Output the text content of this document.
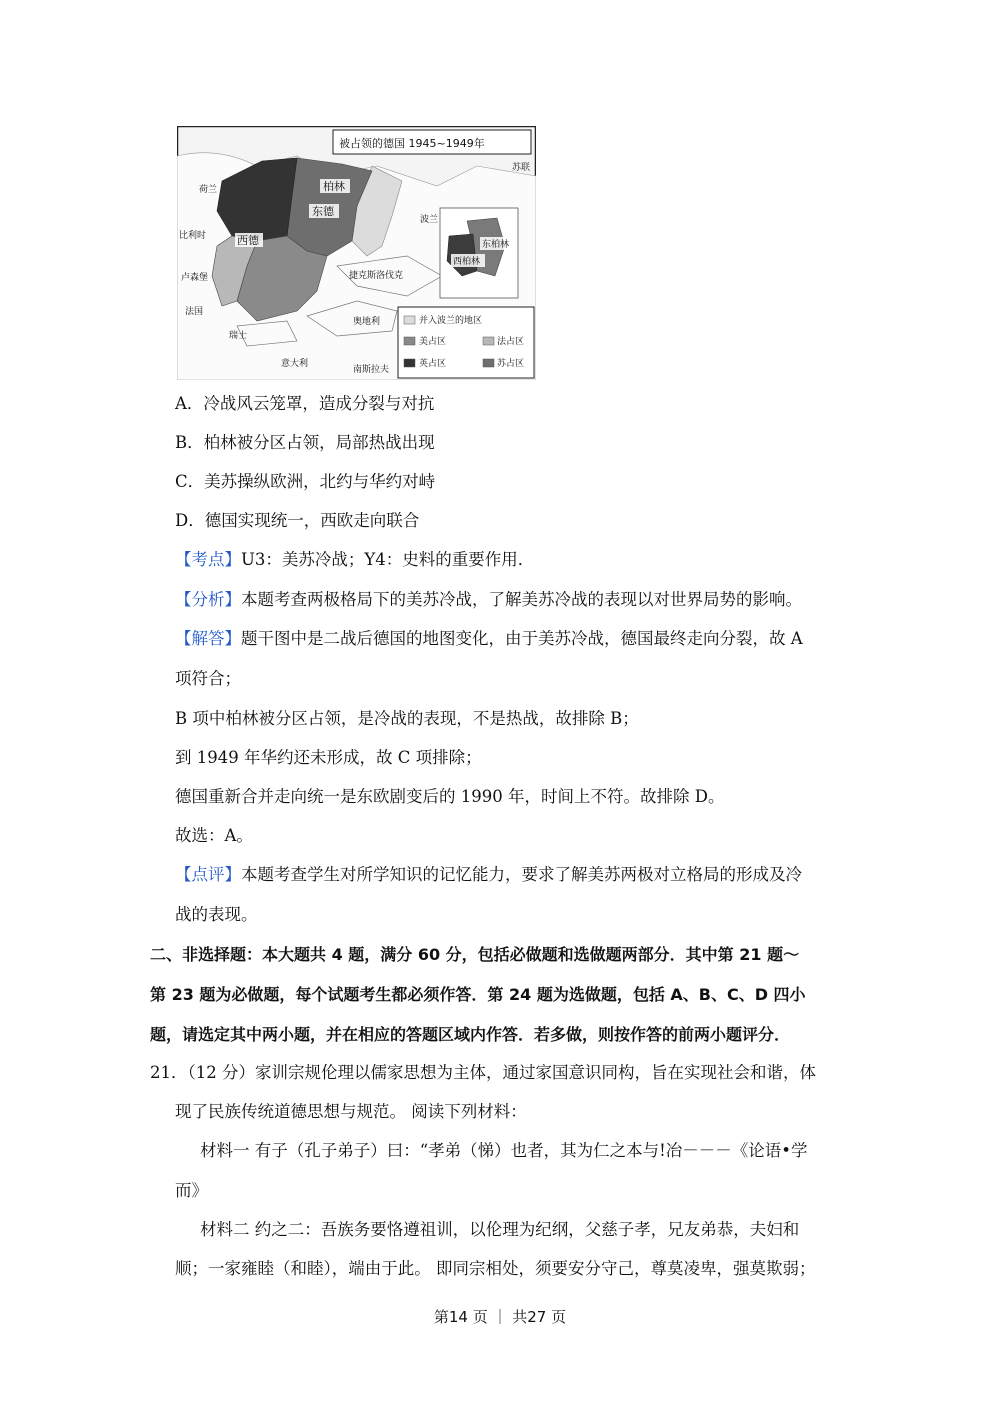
被占领的德国 1945~1949年
并入波兰的地区
美占区	法占区
英占区	苏占区
苏联
荷兰	柏林
东德
波兰
比利时	西德
卢森堡	捷克斯洛伐克
法国
瑞士
奥地利
意大利
南斯拉夫
东柏林
西柏林
A．冷战风云笼罩，造成分裂与对抗
B．柏林被分区占领，局部热战出现
C．美苏操纵欧洲，北约与华约对峙
D．德国实现统一，西欧走向联合
【考点】U3：美苏冷战；Y4：史料的重要作用．
【分析】本题考查两极格局下的美苏冷战，了解美苏冷战的表现以对世界局势的影响。
【解答】题干图中是二战后德国的地图变化，由于美苏冷战，德国最终走向分裂，故 A
项符合；
B 项中柏林被分区占领，是冷战的表现，不是热战，故排除 B；
到 1949 年华约还未形成，故 C 项排除；
德国重新合并走向统一是东欧剧变后的 1990 年，时间上不符。故排除 D。
故选：A。
【点评】本题考查学生对所学知识的记忆能力，要求了解美苏两极对立格局的形成及冷
战的表现。
二、非选择题：本大题共 4 题，满分 60 分，包括必做题和选做题两部分．其中第 21 题～
第 23 题为必做题，每个试题考生都必须作答．第 24 题为选做题，包括 A、B、C、D 四小
题，请选定其中两小题，并在相应的答题区域内作答．若多做，则按作答的前两小题评分．
21．（12 分）家训宗规伦理以儒家思想为主体，通过家国意识同构，旨在实现社会和谐，体
现了民族传统道德思想与规范。 阅读下列材料：
材料一 有子（孔子弟子）曰：“孝弟（悌）也者，其为仁之本与!冶－－－《论语•学
而》
材料二 约之二：吾族务要恪遵祖训，以伦理为纪纲，父慈子孝，兄友弟恭，夫妇和
顺；一家雍睦（和睦），端由于此。 即同宗相处，须要安分守己，尊莫凌卑，强莫欺弱；
第14 页 ｜ 共27 页
